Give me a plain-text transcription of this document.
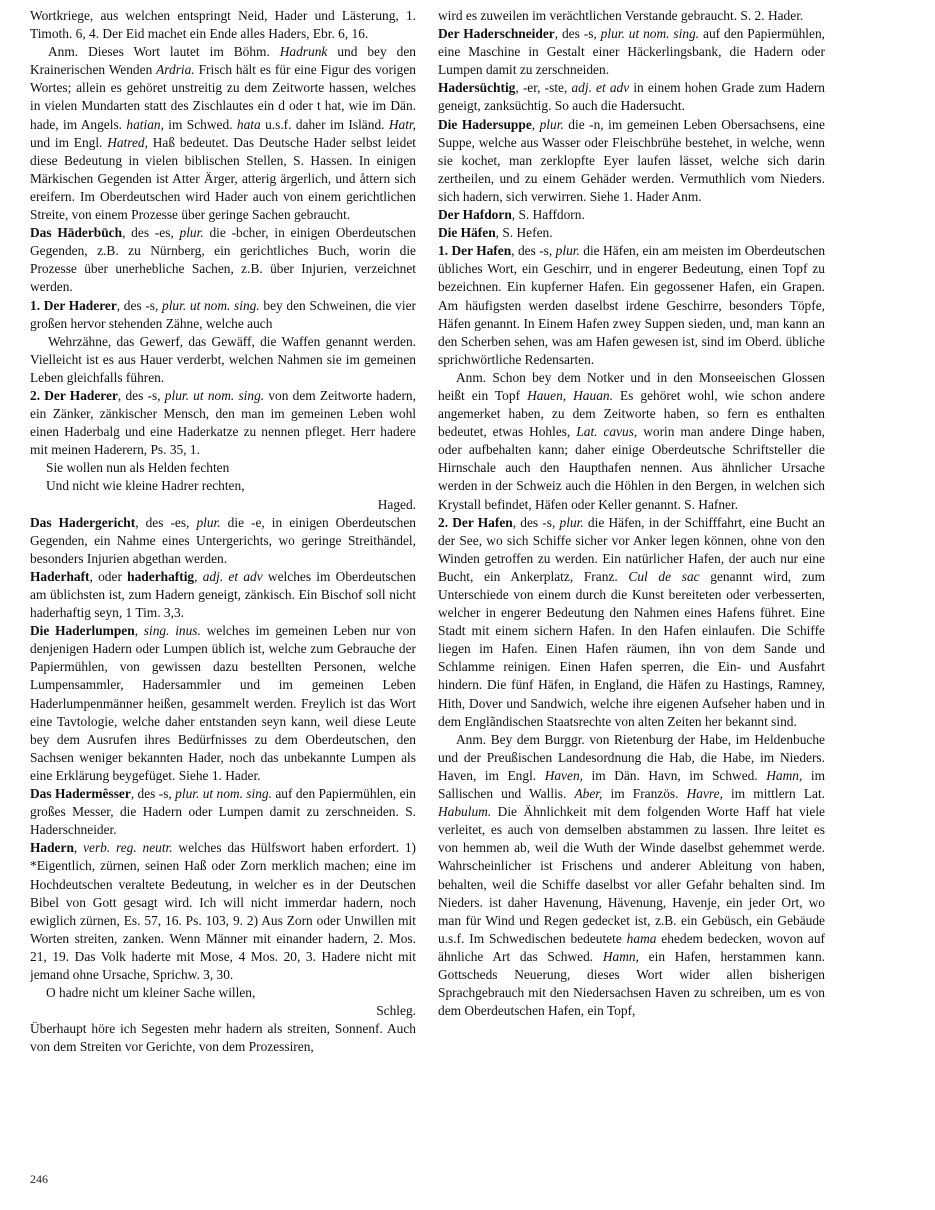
Wortkriege, aus welchen entspringt Neid, Hader und Lästerung, 1. Timoth. 6, 4. Der Eid machet ein Ende alles Haders, Ebr. 6, 16.

Anm. Dieses Wort lautet im Böhm. Hadrunk und bey den Krainerischen Wenden Ardria. Frisch hält es für eine Figur des vorigen Wortes; allein es gehöret unstreitig zu dem Zeitworte hassen, welches in vielen Mundarten statt des Zischlautes ein d oder t hat, wie im Dän. hade, im Angels. hatian, im Schwed. hata u.s.f. daher im Isländ. Hatr, und im Engl. Hatred, Haß bedeutet. Das Deutsche Hader selbst leidet diese Bedeutung in vielen biblischen Stellen, S. Hassen. In einigen Märkischen Gegenden ist Atter Ärger, atterig ärgerlich, und åttern sich ereifern. Im Oberdeutschen wird Hader auch von einem gerichtlichen Streite, von einem Prozesse über geringe Sachen gebraucht.

Das Hāderbūch, des -es, plur. die -bcher, in einigen Oberdeutschen Gegenden, z.B. zu Nürnberg, ein gerichtliches Buch, worin die Prozesse über unerhebliche Sachen, z.B. über Injurien, verzeichnet werden.

1. Der Haderer, des -s, plur. ut nom. sing. bey den Schweinen, die vier großen hervor stehenden Zähne, welche auch

Wehrzähne, das Gewerf, das Gewäff, die Waffen genannt werden. Vielleicht ist es aus Hauer verderbt, welchen Nahmen sie im gemeinen Leben gleichfalls führen.

2. Der Haderer, des -s, plur. ut nom. sing. von dem Zeitworte hadern, ein Zänker, zänkischer Mensch, den man im gemeinen Leben wohl einen Haderbalg und eine Haderkatze zu nennen pfleget. Herr hadere mit meinen Haderern, Ps. 35, 1.

Sie wollen nun als Helden fechten

Und nicht wie kleine Hadrer rechten,

Haged.

Das Hadergericht, des -es, plur. die -e, in einigen Oberdeutschen Gegenden, ein Nahme eines Untergerichts, wo geringe Streithändel, besonders Injurien abgethan werden.

Haderhaft, oder haderhaftig, adj. et adv welches im Oberdeutschen am üblichsten ist, zum Hadern geneigt, zänkisch. Ein Bischof soll nicht haderhaftig seyn, 1 Tim. 3,3.

Die Haderlumpen, sing. inus. welches im gemeinen Leben nur von denjenigen Hadern oder Lumpen üblich ist, welche zum Gebrauche der Papiermühlen, von gewissen dazu bestellten Personen, welche Lumpensammler, Hadersammler und im gemeinen Leben Haderlumpenmänner heißen, gesammelt werden. Freylich ist das Wort eine Tavtologie, welche daher entstanden seyn kann, weil diese Leute bey dem Ausrufen ihres Bedürfnisses zu dem Oberdeutschen, den Sachsen weniger bekannten Hader, noch das unbekannte Lumpen als eine Erklärung beygefüget. Siehe 1. Hader.

Das Hadermêsser, des -s, plur. ut nom. sing. auf den Papiermühlen, ein großes Messer, die Hadern oder Lumpen damit zu zerschneiden. S. Haderschneider.

Hadern, verb. reg. neutr. welches das Hülfswort haben erfordert. 1) *Eigentlich, zürnen, seinen Haß oder Zorn merklich machen; eine im Hochdeutschen veraltete Bedeutung, in welcher es in der Deutschen Bibel von Gott gesagt wird. Ich will nicht immerdar hadern, noch ewiglich zürnen, Es. 57, 16. Ps. 103, 9. 2) Aus Zorn oder Unwillen mit Worten streiten, zanken. Wenn Männer mit einander hadern, 2. Mos. 21, 19. Das Volk haderte mit Mose, 4 Mos. 20, 3. Hadere nicht mit jemand ohne Ursache, Sprichw. 3, 30.

O hadre nicht um kleiner Sache willen,

Schleg.

Überhaupt höre ich Segesten mehr hadern als streiten, Sonnenf. Auch von dem Streiten vor Gerichte, von dem Prozessiren,

wird es zuweilen im verächtlichen Verstande gebraucht. S. 2. Hader.

Der Haderschneider, des -s, plur. ut nom. sing. auf den Papiermühlen, eine Maschine in Gestalt einer Häckerlingsbank, die Hadern oder Lumpen damit zu zerschneiden.

Hadersüchtig, -er, -ste, adj. et adv in einem hohen Grade zum Hadern geneigt, zanksüchtig. So auch die Hadersucht.

Die Hadersuppe, plur. die -n, im gemeinen Leben Obersachsens, eine Suppe, welche aus Wasser oder Fleischbrühe bestehet, in welche, wenn sie kochet, man zerklopfte Eyer laufen lässet, welche sich darin zertheilen, und zu einem Gehäder werden. Vermuthlich vom Nieders. sich hadern, sich verwirren. Siehe 1. Hader Anm.

Der Hafdorn, S. Haffdorn.

Die Häfen, S. Hefen.

1. Der Hafen, des -s, plur. die Häfen, ein am meisten im Oberdeutschen übliches Wort, ein Geschirr, und in engerer Bedeutung, einen Topf zu bezeichnen. Ein kupferner Hafen. Ein gegossener Hafen, ein Grapen. Am häufigsten werden daselbst irdene Geschirre, besonders Töpfe, Häfen genannt. In Einem Hafen zwey Suppen sieden, und, man kann an den Scherben sehen, was am Hafen gewesen ist, sind im Oberd. übliche sprichwörtliche Redensarten.

Anm. Schon bey dem Notker und in den Monseeischen Glossen heißt ein Topf Hauen, Hauan. Es gehöret wohl, wie schon andere angemerket haben, zu dem Zeitworte haben, so fern es enthalten bedeutet, etwas Hohles, Lat. cavus, worin man andere Dinge haben, oder aufbehalten kann; daher einige Oberdeutsche Schriftsteller die Hirnschale auch den Haupthafen nennen. Aus ähnlicher Ursache werden in der Schweiz auch die Höhlen in den Bergen, in welchen sich Krystall befindet, Häfen oder Keller genannt. S. Hafner.

2. Der Hafen, des -s, plur. die Häfen, in der Schifffahrt, eine Bucht an der See, wo sich Schiffe sicher vor Anker legen können, ohne von den Winden getroffen zu werden. Ein natürlicher Hafen, der auch nur eine Bucht, ein Ankerplatz, Franz. Cul de sac genannt wird, zum Unterschiede von einem durch die Kunst bereiteten oder verbesserten, welcher in engerer Bedeutung den Nahmen eines Hafens führet. Eine Stadt mit einem sichern Hafen. In den Hafen einlaufen. Die Schiffe liegen im Hafen. Einen Hafen räumen, ihn von dem Sande und Schlamme reinigen. Einen Hafen sperren, die Ein- und Ausfahrt hindern. Die fünf Häfen, in England, die Häfen zu Hastings, Ramney, Hith, Dover und Sandwich, welche ihre eigenen Aufseher haben und in dem Englãndischen Staatsrechte von alten Zeiten her bekannt sind.

Anm. Bey dem Burggr. von Rietenburg der Habe, im Heldenbuche und der Preußischen Landesordnung die Hab, die Habe, im Nieders. Haven, im Engl. Haven, im Dän. Havn, im Schwed. Hamn, im Sallischen und Wallis. Aber, im Französ. Havre, im mittlern Lat. Habulum. Die Ähnlichkeit mit dem folgenden Worte Haff hat viele verleitet, es auch von demselben abstammen zu lassen. Ihre leitet es von hemmen ab, weil die Wuth der Winde daselbst gehemmet werde. Wahrscheinlicher ist Frischens und anderer Ableitung von haben, behalten, weil die Schiffe daselbst vor aller Gefahr behalten sind. Im Nieders. ist daher Havenung, Hävenung, Havenje, ein jeder Ort, wo man für Wind und Regen gedecket ist, z.B. ein Gebüsch, ein Gebäude u.s.f. Im Schwedischen bedeutete hama ehedem bedecken, wovon auf ähnliche Art das Schwed. Hamn, ein Hafen, herstammen kann. Gottscheds Neuerung, dieses Wort wider allen bisherigen Sprachgebrauch mit den Niedersachsen Haven zu schreiben, um es von dem Oberdeutschen Hafen, ein Topf,

246
